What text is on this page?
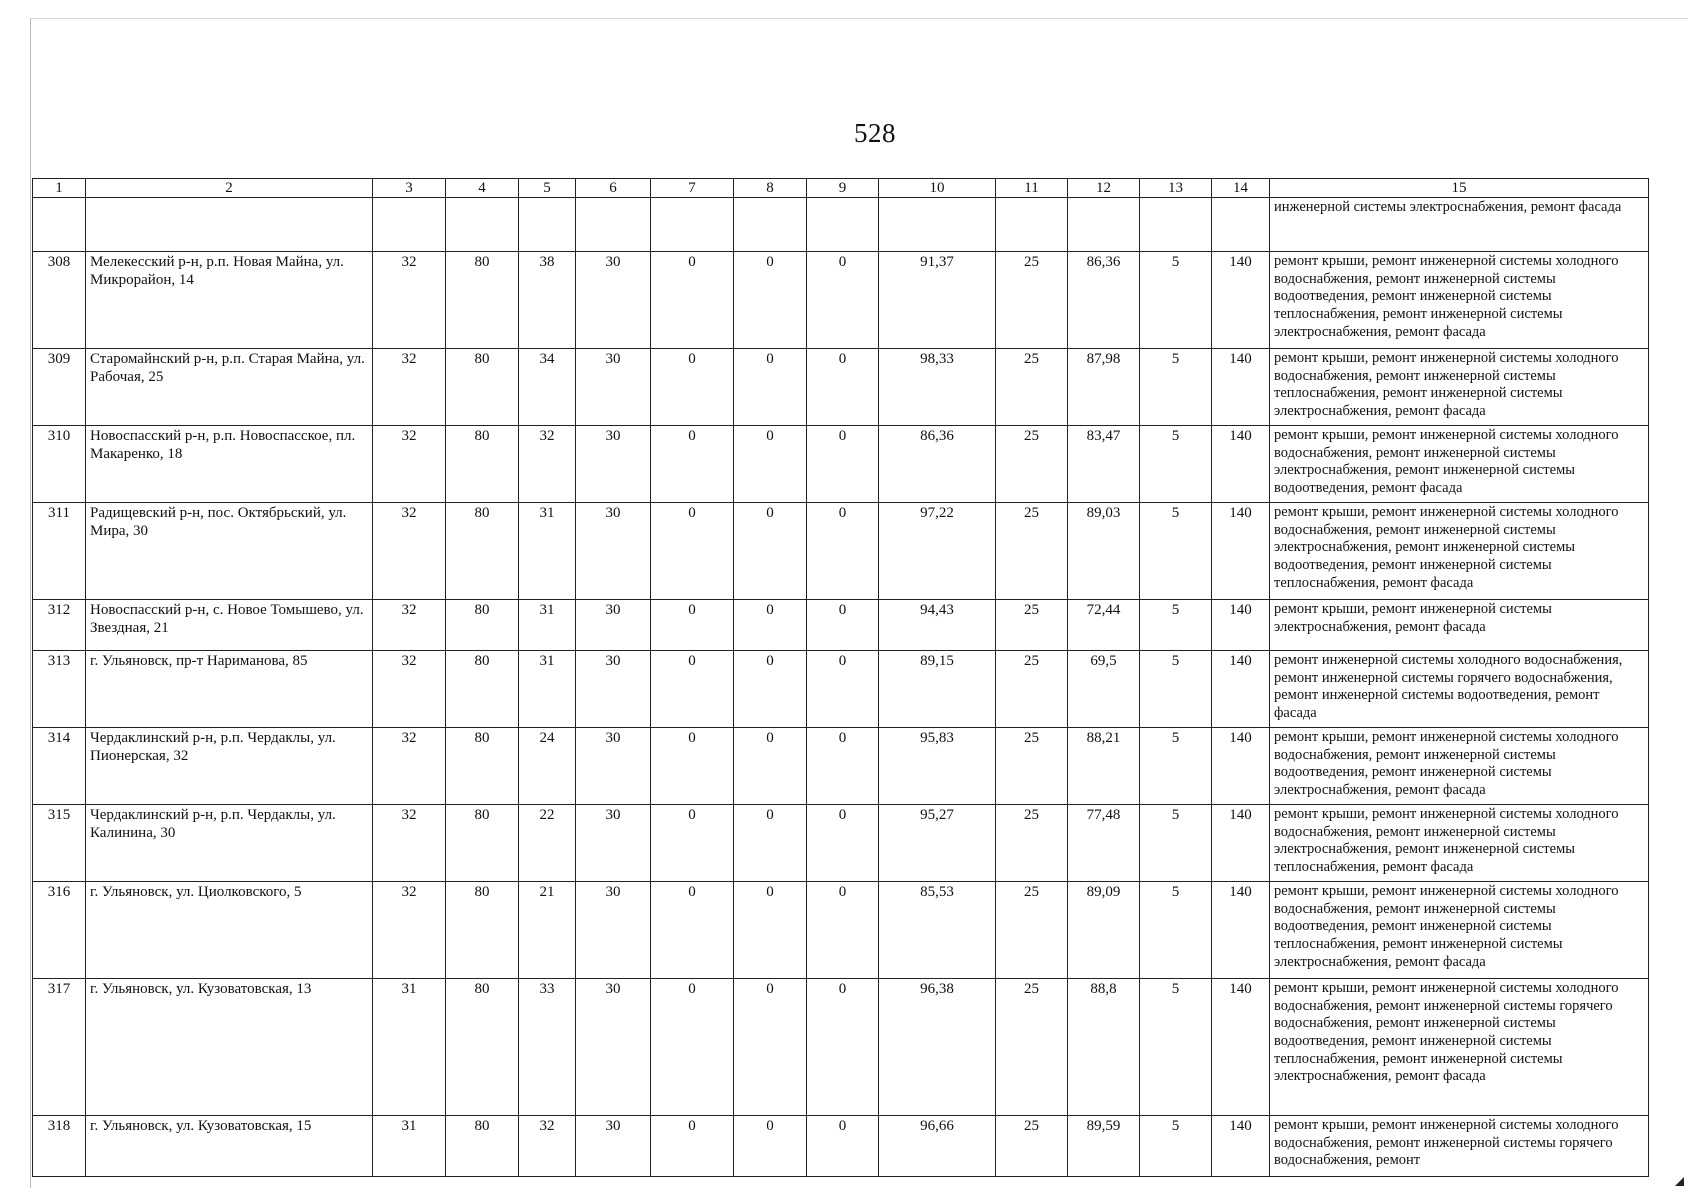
528
1	2	3	4	5	6	7	8	9	10	11	12	13	14	15
														инженерной системы электроснабжения, ремонт фасада
308	Мелекесский р-н, р.п. Новая Майна, ул. Микрорайон, 14	32	80	38	30	0	0	0	91,37	25	86,36	5	140	ремонт крыши, ремонт инженерной системы холодного водоснабжения, ремонт инженерной системы водоотведения, ремонт инженерной системы теплоснабжения, ремонт инженерной системы электроснабжения, ремонт фасада
309	Старомайнский р-н, р.п. Старая Майна, ул. Рабочая, 25	32	80	34	30	0	0	0	98,33	25	87,98	5	140	ремонт крыши, ремонт инженерной системы холодного водоснабжения, ремонт инженерной системы теплоснабжения, ремонт инженерной системы электроснабжения, ремонт фасада
310	Новоспасский р-н, р.п. Новоспасское, пл. Макаренко, 18	32	80	32	30	0	0	0	86,36	25	83,47	5	140	ремонт крыши, ремонт инженерной системы холодного водоснабжения, ремонт инженерной системы электроснабжения, ремонт инженерной системы водоотведения, ремонт фасада
311	Радищевский р-н, пос. Октябрьский, ул. Мира, 30	32	80	31	30	0	0	0	97,22	25	89,03	5	140	ремонт крыши, ремонт инженерной системы холодного водоснабжения, ремонт инженерной системы электроснабжения, ремонт инженерной системы водоотведения, ремонт инженерной системы теплоснабжения, ремонт фасада
312	Новоспасский р-н, с. Новое Томышево, ул. Звездная, 21	32	80	31	30	0	0	0	94,43	25	72,44	5	140	ремонт крыши, ремонт инженерной системы электроснабжения, ремонт фасада
313	г. Ульяновск, пр-т Нариманова, 85	32	80	31	30	0	0	0	89,15	25	69,5	5	140	ремонт инженерной системы холодного водоснабжения, ремонт инженерной системы горячего водоснабжения, ремонт инженерной системы водоотведения, ремонт фасада
314	Чердаклинский р-н, р.п. Чердаклы, ул. Пионерская, 32	32	80	24	30	0	0	0	95,83	25	88,21	5	140	ремонт крыши, ремонт инженерной системы холодного водоснабжения, ремонт инженерной системы водоотведения, ремонт инженерной системы электроснабжения, ремонт фасада
315	Чердаклинский р-н, р.п. Чердаклы, ул. Калинина, 30	32	80	22	30	0	0	0	95,27	25	77,48	5	140	ремонт крыши, ремонт инженерной системы холодного водоснабжения, ремонт инженерной системы электроснабжения, ремонт инженерной системы теплоснабжения, ремонт фасада
316	г. Ульяновск, ул. Циолковского, 5	32	80	21	30	0	0	0	85,53	25	89,09	5	140	ремонт крыши, ремонт инженерной системы холодного водоснабжения, ремонт инженерной системы водоотведения, ремонт инженерной системы теплоснабжения, ремонт инженерной системы электроснабжения, ремонт фасада
317	г. Ульяновск, ул. Кузоватовская, 13	31	80	33	30	0	0	0	96,38	25	88,8	5	140	ремонт крыши, ремонт инженерной системы холодного водоснабжения, ремонт инженерной системы горячего водоснабжения, ремонт инженерной системы водоотведения, ремонт инженерной системы теплоснабжения, ремонт инженерной системы электроснабжения, ремонт фасада
318	г. Ульяновск, ул. Кузоватовская, 15	31	80	32	30	0	0	0	96,66	25	89,59	5	140	ремонт крыши, ремонт инженерной системы холодного водоснабжения, ремонт инженерной системы горячего водоснабжения, ремонт
